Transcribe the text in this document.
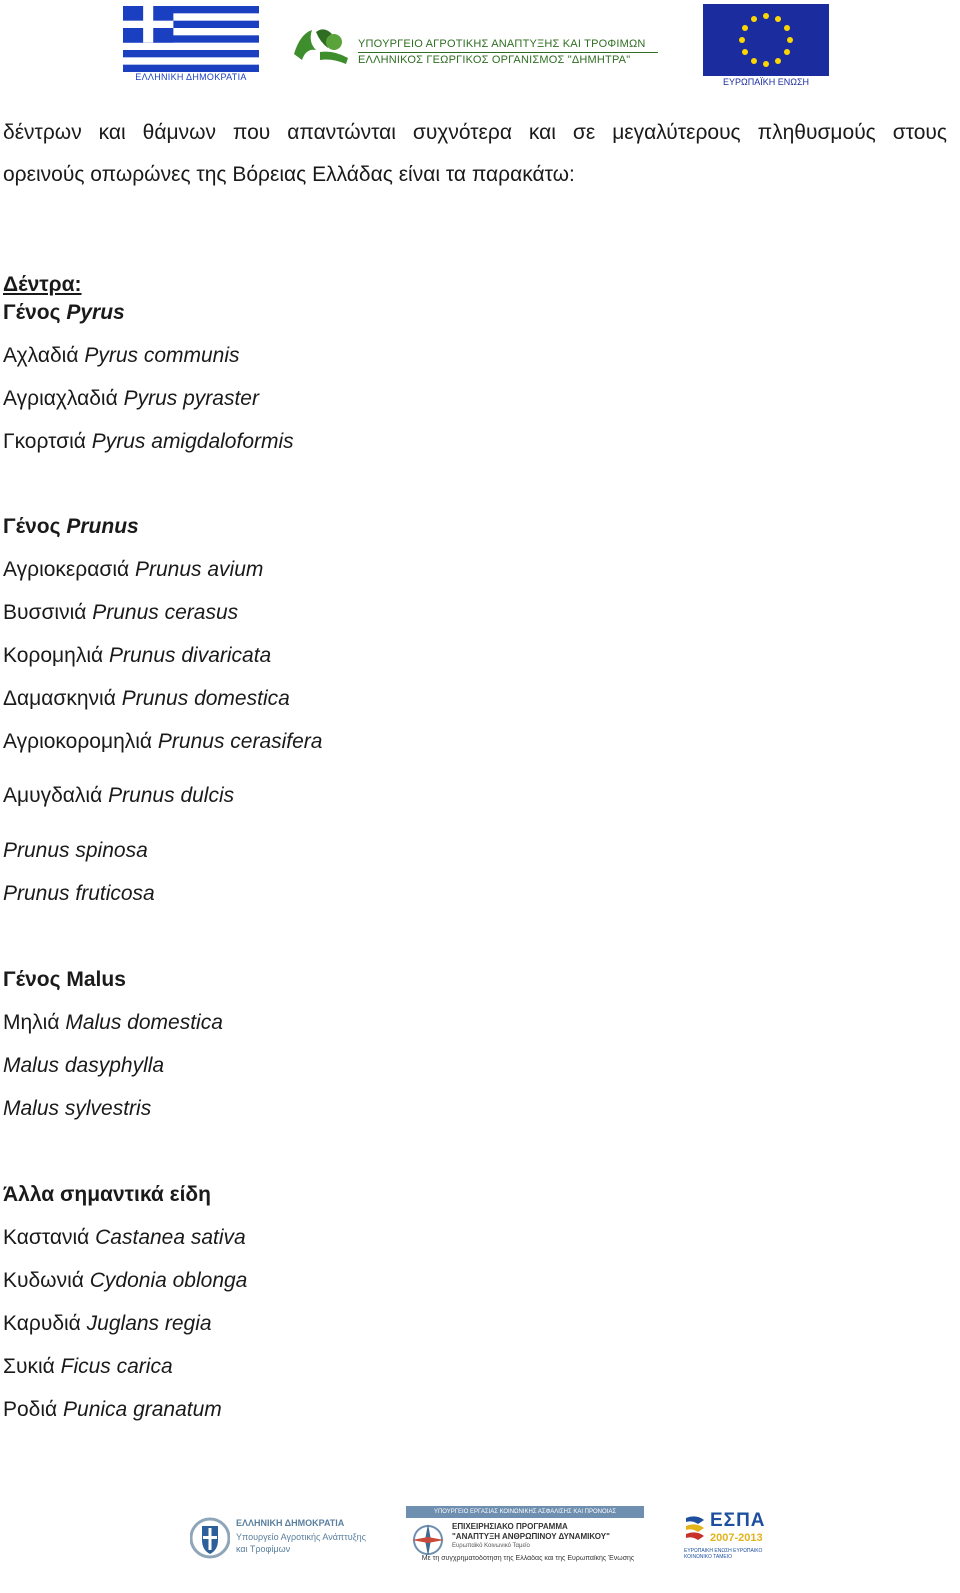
ΕΛΛΗΝΙΚΗ ΔΗΜΟΚΡΑΤΙΑ
ΥΠΟΥΡΓΕΙΟ ΑΓΡΟΤΙΚΗΣ ΑΝΑΠΤΥΞΗΣ ΚΑΙ ΤΡΟΦΙΜΩΝ
ΕΛΛΗΝΙΚΟΣ ΓΕΩΡΓΙΚΟΣ ΟΡΓΑΝΙΣΜΟΣ "ΔΗΜΗΤΡΑ"
ΕΥΡΩΠΑΪΚΗ ΕΝΩΣΗ
δέντρων και θάμνων που απαντώνται συχνότερα και σε μεγαλύτερους πληθυσμούς στους
ορεινούς οπωρώνες της Βόρειας Ελλάδας είναι τα παρακάτω:
Δέντρα:
Γένος Pyrus
Αχλαδιά Pyrus communis
Αγριαχλαδιά Pyrus pyraster
Γκορτσιά Pyrus amigdaloformis
Γένος Prunus
Αγριοκερασιά Prunus avium
Βυσσινιά Prunus cerasus
Κορομηλιά Prunus divaricata
Δαμασκηνιά Prunus domestica
Αγριοκορομηλιά Prunus cerasifera
Αμυγδαλιά Prunus dulcis
Prunus spinosa
Prunus fruticosa
Γένος Malus
Μηλιά Malus domestica
Malus dasyphylla
Malus sylvestris
Άλλα σημαντικά είδη
Καστανιά Castanea sativa
Κυδωνιά Cydonia oblonga
Καρυδιά Juglans regia
Συκιά Ficus carica
Ροδιά Punica granatum
ΕΛΛΗΝΙΚΗ ΔΗΜΟΚΡΑΤΙΑ
Υπουργείο Αγροτικής Ανάπτυξης
και Τροφίμων
ΥΠΟΥΡΓΕΙΟ ΕΡΓΑΣΙΑΣ ΚΟΙΝΩΝΙΚΗΣ ΑΣΦΑΛΙΣΗΣ ΚΑΙ ΠΡΟΝΟΙΑΣ
ΕΠΙΧΕΙΡΗΣΙΑΚΟ ΠΡΟΓΡΑΜΜΑ
"ΑΝΑΠΤΥΞΗ ΑΝΘΡΩΠΙΝΟΥ ΔΥΝΑΜΙΚΟΥ"
Ευρωπαϊκό Κοινωνικό Ταμείο
Με τη συγχρηματοδότηση της Ελλάδας και της Ευρωπαϊκής Ένωσης
ΕΣΠΑ
2007-2013
ΕΥΡΩΠΑΪΚΗ ΕΝΩΣΗ ΕΥΡΩΠΑΪΚΟ ΚΟΙΝΩΝΙΚΟ ΤΑΜΕΙΟ
